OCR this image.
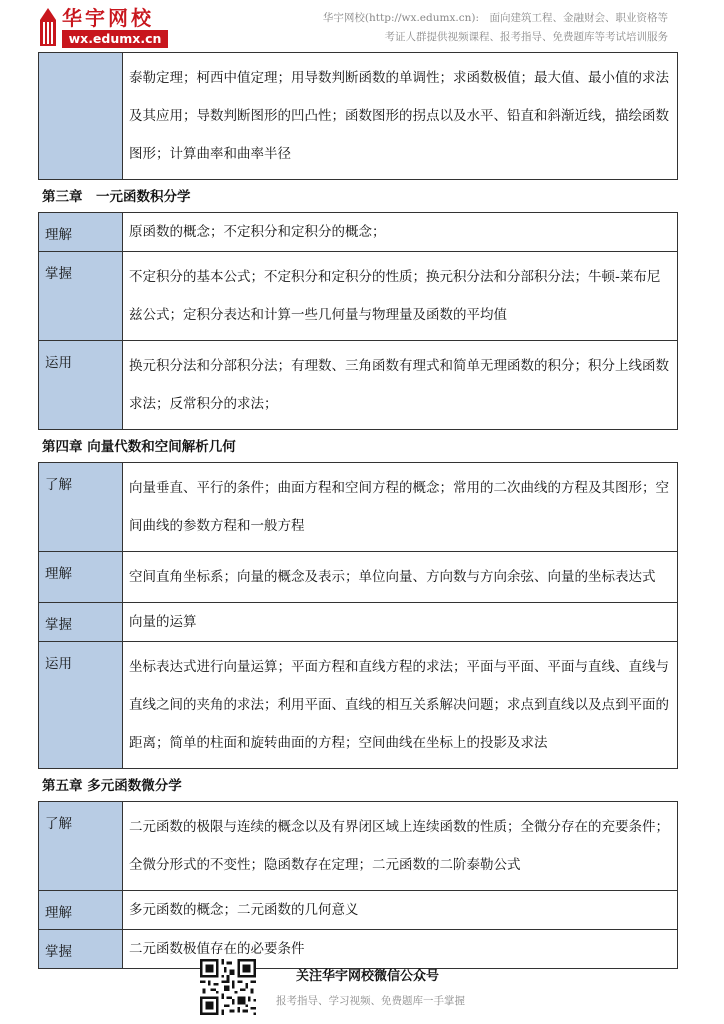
华宇网校
wx.edumx.cn
华宇网校(http://wx.edumx.cn):　面向建筑工程、金融财会、职业资格等
考证人群提供视频课程、报考指导、免费题库等考试培训服务
	泰勒定理；柯西中值定理；用导数判断函数的单调性；求函数极值；最大值、最小值的求法及其应用；导数判断图形的凹凸性；函数图形的拐点以及水平、铅直和斜渐近线，描绘函数图形；计算曲率和曲率半径
第三章　一元函数积分学
理解	原函数的概念；不定积分和定积分的概念；
掌握	不定积分的基本公式；不定积分和定积分的性质；换元积分法和分部积分法；牛顿-莱布尼兹公式；定积分表达和计算一些几何量与物理量及函数的平均值
运用	换元积分法和分部积分法；有理数、三角函数有理式和简单无理函数的积分；积分上线函数求法；反常积分的求法；
第四章 向量代数和空间解析几何
了解	向量垂直、平行的条件；曲面方程和空间方程的概念；常用的二次曲线的方程及其图形；空间曲线的参数方程和一般方程
理解	空间直角坐标系；向量的概念及表示；单位向量、方向数与方向余弦、向量的坐标表达式
掌握	向量的运算
运用	坐标表达式进行向量运算；平面方程和直线方程的求法；平面与平面、平面与直线、直线与直线之间的夹角的求法；利用平面、直线的相互关系解决问题；求点到直线以及点到平面的距离；简单的柱面和旋转曲面的方程；空间曲线在坐标上的投影及求法
第五章 多元函数微分学
了解	二元函数的极限与连续的概念以及有界闭区域上连续函数的性质；全微分存在的充要条件；全微分形式的不变性；隐函数存在定理；二元函数的二阶泰勒公式
理解	多元函数的概念；二元函数的几何意义
掌握	二元函数极值存在的必要条件
关注华宇网校微信公众号
报考指导、学习视频、免费题库一手掌握
